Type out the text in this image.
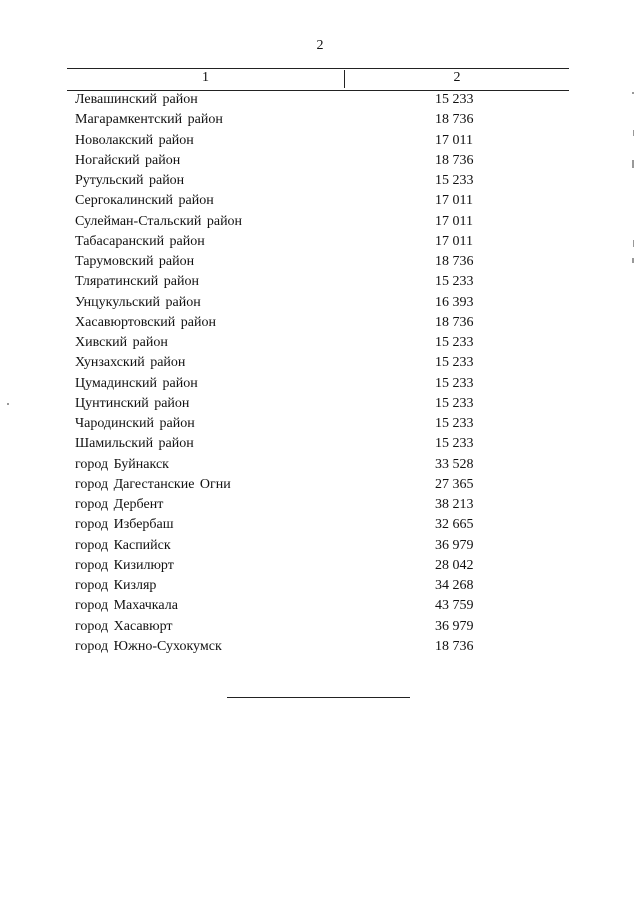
2
1	2
Левашинский район	15 233
Магарамкентский район	18 736
Новолакский район	17 011
Ногайский район	18 736
Рутульский район	15 233
Сергокалинский район	17 011
Сулейман-Стальский район	17 011
Табасаранский район	17 011
Тарумовский район	18 736
Тляратинский район	15 233
Унцукульский район	16 393
Хасавюртовский район	18 736
Хивский район	15 233
Хунзахский район	15 233
Цумадинский район	15 233
Цунтинский район	15 233
Чародинский район	15 233
Шамильский район	15 233
город Буйнакск	33 528
город Дагестанские Огни	27 365
город Дербент	38 213
город Избербаш	32 665
город Каспийск	36 979
город Кизилюрт	28 042
город Кизляр	34 268
город Махачкала	43 759
город Хасавюрт	36 979
город Южно-Сухокумск	18 736
